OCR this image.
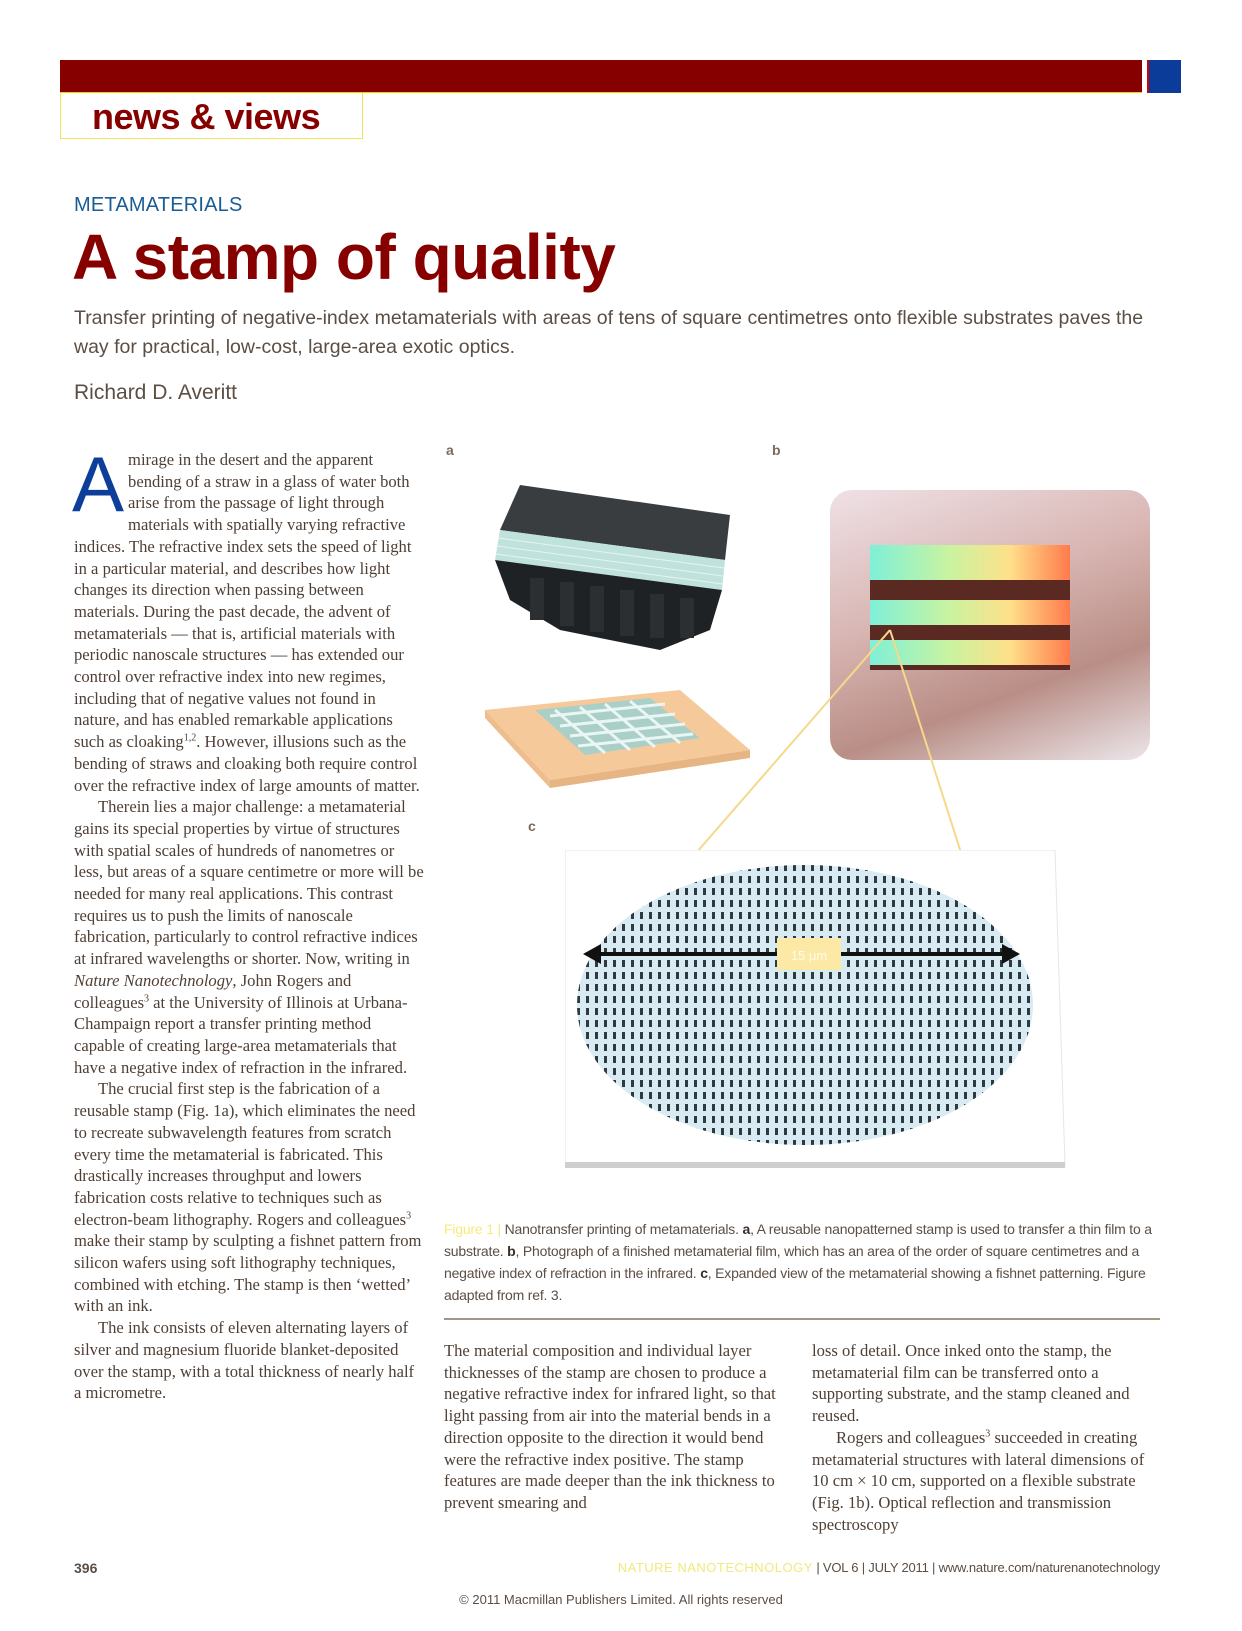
news & views
METAMATERIALS
A stamp of quality
Transfer printing of negative-index metamaterials with areas of tens of square centimetres onto flexible substrates paves the way for practical, low-cost, large-area exotic optics.
Richard D. Averitt

A mirage in the desert and the apparent bending of a straw in a glass of water both arise from the passage of light through materials with spatially varying refractive indices. The refractive index sets the speed of light in a particular material, and describes how light changes its direction when passing between materials. During the past decade, the advent of metamaterials — that is, artificial materials with periodic nanoscale structures — has extended our control over refractive index into new regimes, including that of negative values not found in nature, and has enabled remarkable applications such as cloaking$^{1,2}$. However, illusions such as the bending of straws and cloaking both require control over the refractive index of large amounts of matter.

Therein lies a major challenge: a metamaterial gains its special properties by virtue of structures with spatial scales of hundreds of nanometres or less, but areas of a square centimetre or more will be needed for many real applications. This contrast requires us to push the limits of nanoscale fabrication, particularly to control refractive indices at infrared wavelengths or shorter. Now, writing in Nature Nanotechnology, John Rogers and colleagues$^3$ at the University of Illinois at Urbana-Champaign report a transfer printing method capable of creating large-area metamaterials that have a negative index of refraction in the infrared.

The crucial first step is the fabrication of a reusable stamp (Fig. 1a), which eliminates the need to recreate subwavelength features from scratch every time the metamaterial is fabricated. This drastically increases throughput and lowers fabrication costs relative to techniques such as electron-beam lithography. Rogers and colleagues$^3$ make their stamp by sculpting a fishnet pattern from silicon wafers using soft lithography techniques, combined with etching. The stamp is then ‘wetted’ with an ink.

The ink consists of eleven alternating layers of silver and magnesium fluoride blanket-deposited over the stamp, with a total thickness of nearly half a micrometre.

a	b
c
15 μm
Figure 1 | Nanotransfer printing of metamaterials. a, A reusable nanopatterned stamp is used to transfer a thin film to a substrate. b, Photograph of a finished metamaterial film, which has an area of the order of square centimetres and a negative index of refraction in the infrared. c, Expanded view of the metamaterial showing a fishnet patterning. Figure adapted from ref. 3.

The material composition and individual layer thicknesses of the stamp are chosen to produce a negative refractive index for infrared light, so that light passing from air into the material bends in a direction opposite to the direction it would bend were the refractive index positive. The stamp features are made deeper than the ink thickness to prevent smearing and

loss of detail. Once inked onto the stamp, the metamaterial film can be transferred onto a supporting substrate, and the stamp cleaned and reused.

Rogers and colleagues$^3$ succeeded in creating metamaterial structures with lateral dimensions of 10 cm × 10 cm, supported on a flexible substrate (Fig. 1b). Optical reflection and transmission spectroscopy

396	NATURE NANOTECHNOLOGY | VOL 6 | JULY 2011 | www.nature.com/naturenanotechnology
© 2011 Macmillan Publishers Limited. All rights reserved
